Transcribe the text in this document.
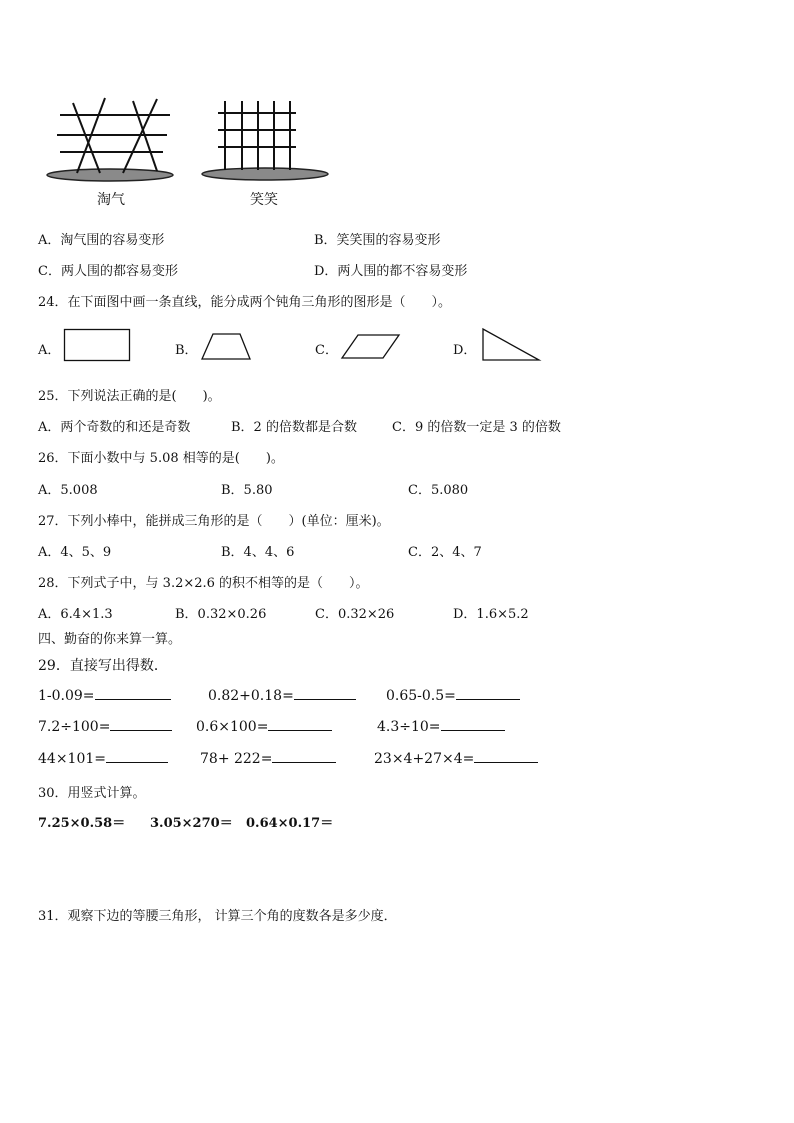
淘气	笑笑
A．淘气围的容易变形	B．笑笑围的容易变形
C．两人围的都容易变形	D．两人围的都不容易变形
24．在下面图中画一条直线，能分成两个钝角三角形的图形是（　　）。
A．	B．	C．	D．
25．下列说法正确的是(　　)。
A．两个奇数的和还是奇数	B．2 的倍数都是合数	C．9 的倍数一定是 3 的倍数
26．下面小数中与 5.08 相等的是(　　)。
A．5.008	B．5.80	C．5.080
27．下列小棒中，能拼成三角形的是（　　）(单位：厘米)。
A．4、5、9	B．4、4、6	C．2、4、7
28．下列式子中，与 3.2×2.6 的积不相等的是（　　）。
A．6.4×1.3	B．0.32×0.26	C．0.32×26	D．1.6×5.2
四、勤奋的你来算一算。
29．直接写出得数．
1-0.09=	0.82+0.18=	0.65-0.5=
7.2÷100=	0.6×100=	4.3÷10=
44×101=	78+ 222=	23×4+27×4=
30．用竖式计算。
7.25×0.58＝ 3.05×270＝ 0.64×0.17＝
31．观察下边的等腰三角形， 计算三个角的度数各是多少度．
